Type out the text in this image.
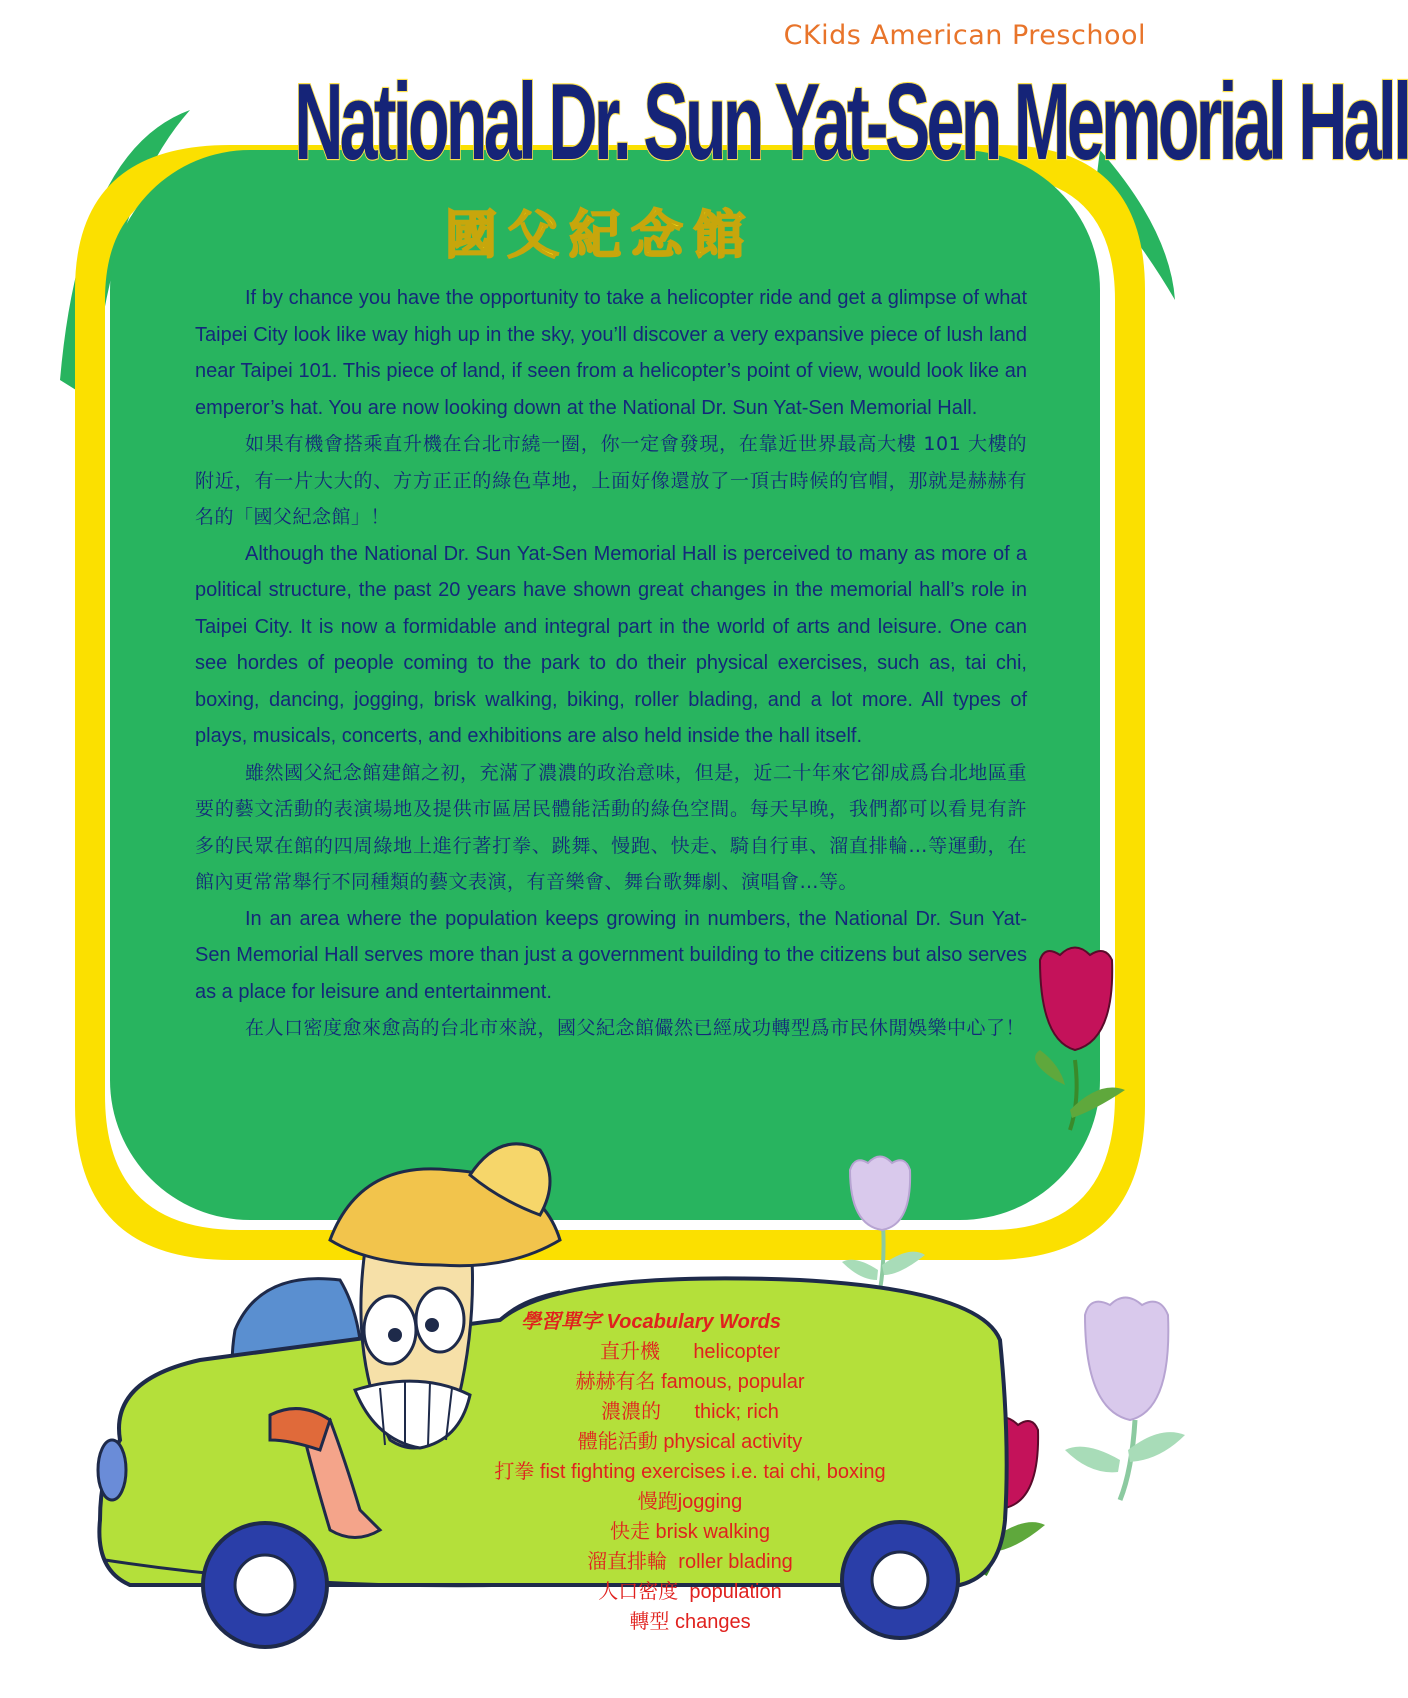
CKids American Preschool

National Dr. Sun Yat-Sen Memorial Hall
國父紀念館

If by chance you have the opportunity to take a helicopter ride and get a glimpse of what Taipei City look like way high up in the sky, you’ll discover a very expansive piece of lush land near Taipei 101. This piece of land, if seen from a helicopter’s point of view, would look like an emperor’s hat. You are now looking down at the National Dr. Sun Yat-Sen Memorial Hall.

如果有機會搭乘直升機在台北市繞一圈，你一定會發現，在靠近世界最高大樓 101 大樓的附近，有一片大大的、方方正正的綠色草地，上面好像還放了一頂古時候的官帽，那就是赫赫有名的「國父紀念館」！

Although the National Dr. Sun Yat-Sen Memorial Hall is perceived to many as more of a political structure, the past 20 years have shown great changes in the memorial hall’s role in Taipei City. It is now a formidable and integral part in the world of arts and leisure. One can see hordes of people coming to the park to do their physical exercises, such as, tai chi, boxing, dancing, jogging, brisk walking, biking, roller blading, and a lot more. All types of plays, musicals, concerts, and exhibitions are also held inside the hall itself.

雖然國父紀念館建館之初，充滿了濃濃的政治意味，但是，近二十年來它卻成爲台北地區重要的藝文活動的表演場地及提供市區居民體能活動的綠色空間。每天早晚，我們都可以看見有許多的民眾在館的四周綠地上進行著打拳、跳舞、慢跑、快走、騎自行車、溜直排輪…等運動，在館內更常常舉行不同種類的藝文表演，有音樂會、舞台歌舞劇、演唱會…等。

In an area where the population keeps growing in numbers, the National Dr. Sun Yat-Sen Memorial Hall serves more than just a government building to the citizens but also serves as a place for leisure and entertainment.

在人口密度愈來愈高的台北市來說，國父紀念館儼然已經成功轉型爲市民休閒娛樂中心了！

學習單字 Vocabulary Words

直升機 helicopter

赫赫有名 famous, popular

濃濃的 thick; rich

體能活動 physical activity

打拳 fist fighting exercises i.e. tai chi, boxing

慢跑jogging

快走 brisk walking

溜直排輪 roller blading

人口密度 population

轉型 changes
